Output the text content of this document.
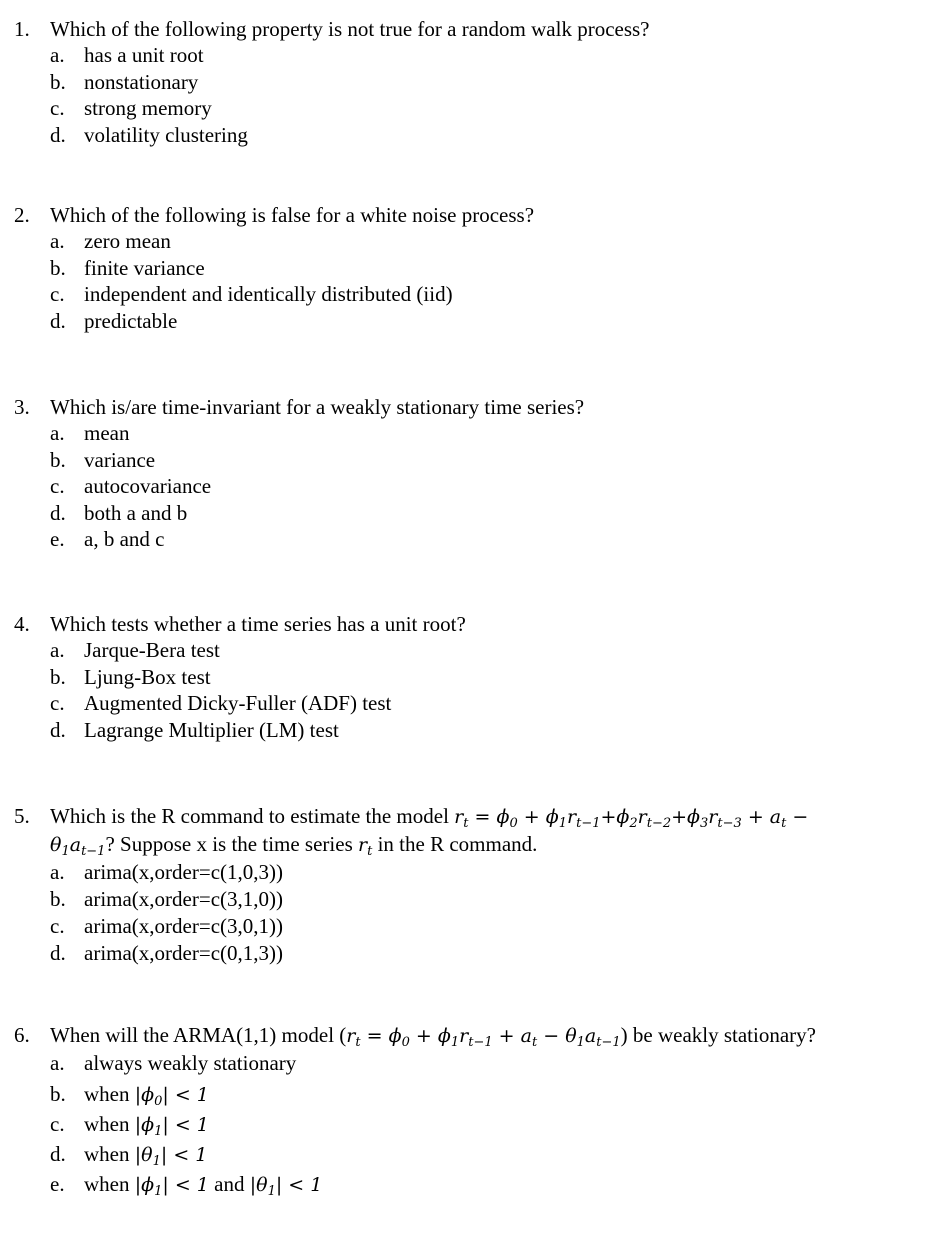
1. Which of the following property is not true for a random walk process?
a. has a unit root
b. nonstationary
c. strong memory
d. volatility clustering
2. Which of the following is false for a white noise process?
a. zero mean
b. finite variance
c. independent and identically distributed (iid)
d. predictable
3. Which is/are time-invariant for a weakly stationary time series?
a. mean
b. variance
c. autocovariance
d. both a and b
e. a, b and c
4. Which tests whether a time series has a unit root?
a. Jarque-Bera test
b. Ljung-Box test
c. Augmented Dicky-Fuller (ADF) test
d. Lagrange Multiplier (LM) test
5. Which is the R command to estimate the model $r_t = \phi_0 + \phi_1r_{t-1}+\phi_2r_{t-2}+\phi_3r_{t-3} + a_t$ −
$\theta_1a_{t-1}$? Suppose x is the time series $r_t$ in the R command.
a. arima(x,order=c(1,0,3))
b. arima(x,order=c(3,1,0))
c. arima(x,order=c(3,0,1))
d. arima(x,order=c(0,1,3))
6. When will the ARMA(1,1) model $(r_t = \phi_0 + \phi_1r_{t-1} + a_t - \theta_1a_{t-1})$ be weakly stationary?
a. always weakly stationary
b. when $|\phi_0| < 1$
c. when $|\phi_1| < 1$
d. when $|\theta_1| < 1$
e. when $|\phi_1| < 1$ and $|\theta_1| < 1$
